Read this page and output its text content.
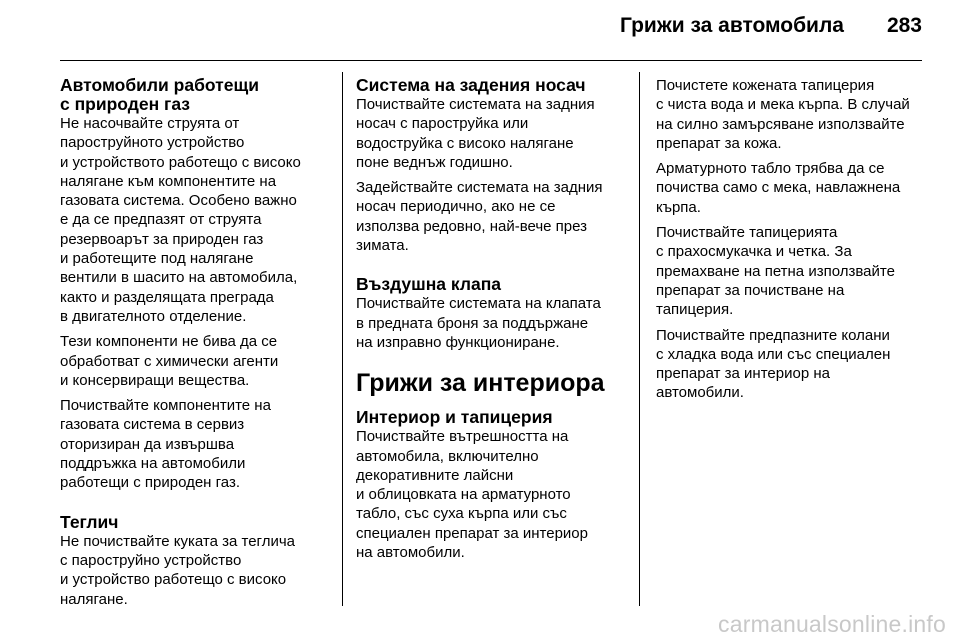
Грижи за автомобила 283
Автомобили работещи
с природен газ
Не насочвайте струята от
пароструйното устройство
и устройството работещо с високо
налягане към компонентите на
газовата система. Особено важно
е да се предпазят от струята
резервоарът за природен газ
и работещите под налягане
вентили в шасито на автомобила,
както и разделящата преграда
в двигателното отделение.
Тези компоненти не бива да се
обработват с химически агенти
и консервиращи вещества.
Почиствайте компонентите на
газовата система в сервиз
оторизиран да извършва
поддръжка на автомобили
работещи с природен газ.
Теглич
Не почиствайте куката за теглича
с пароструйно устройство
и устройство работещо с високо
налягане.
Система на задения носач
Почиствайте системата на задния
носач с пароструйка или
водоструйка с високо налягане
поне веднъж годишно.
Задействайте системата на задния
носач периодично, ако не се
използва редовно, най-вече през
зимата.
Въздушна клапа
Почиствайте системата на клапата
в предната броня за поддържане
на изправно функциониране.
Грижи за интериора
Интериор и тапицерия
Почиствайте вътрешността на
автомобила, включително
декоративните лайсни
и облицовката на арматурното
табло, със суха кърпа или със
специален препарат за интериор
на автомобили.
Почистете кожената тапицерия
с чиста вода и мека кърпа. В случай
на силно замърсяване използвайте
препарат за кожа.
Арматурното табло трябва да се
почиства само с мека, навлажнена
кърпа.
Почиствайте тапицерията
с прахосмукачка и четка. За
премахване на петна използвайте
препарат за почистване на
тапицерия.
Почиствайте предпазните колани
с хладка вода или със специален
препарат за интериор на
автомобили.
carmanualsonline.info
